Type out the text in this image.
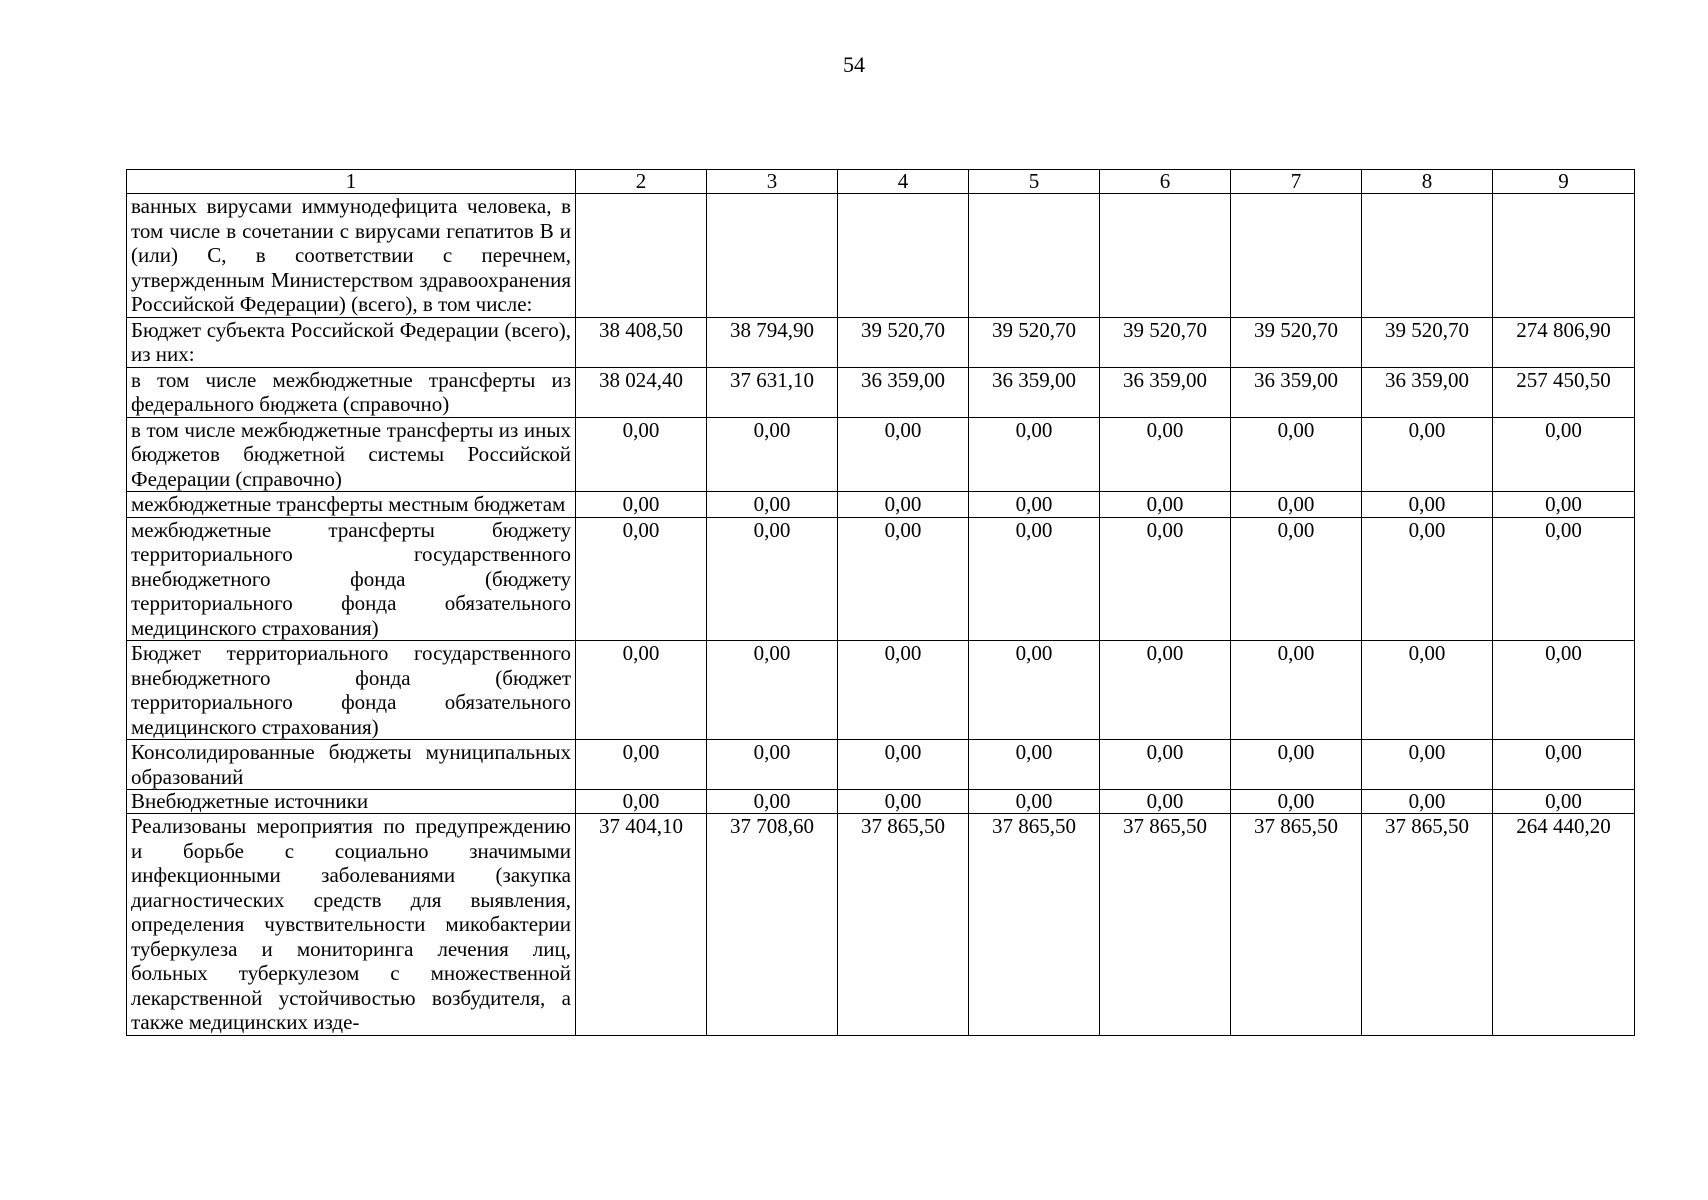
54
1	2	3	4	5	6	7	8	9
ванных вирусами иммунодефицита человека, в том числе в сочетании с вирусами гепатитов B и (или) C, в соответствии с перечнем, утвержденным Министерством здравоохранения Российской Федерации) (всего), в том числе:								
Бюджет субъекта Российской Федерации (всего), из них:	38 408,50	38 794,90	39 520,70	39 520,70	39 520,70	39 520,70	39 520,70	274 806,90
в том числе межбюджетные трансферты из федерального бюджета (справочно)	38 024,40	37 631,10	36 359,00	36 359,00	36 359,00	36 359,00	36 359,00	257 450,50
в том числе межбюджетные трансферты из иных бюджетов бюджетной системы Российской Федерации (справочно)	0,00	0,00	0,00	0,00	0,00	0,00	0,00	0,00
межбюджетные трансферты местным бюджетам	0,00	0,00	0,00	0,00	0,00	0,00	0,00	0,00
межбюджетные трансферты бюджету территориального государственного внебюджетного фонда (бюджету территориального фонда обязательного медицинского страхования)	0,00	0,00	0,00	0,00	0,00	0,00	0,00	0,00
Бюджет территориального государственного внебюджетного фонда (бюджет территориального фонда обязательного медицинского страхования)	0,00	0,00	0,00	0,00	0,00	0,00	0,00	0,00
Консолидированные бюджеты муниципальных образований	0,00	0,00	0,00	0,00	0,00	0,00	0,00	0,00
Внебюджетные источники	0,00	0,00	0,00	0,00	0,00	0,00	0,00	0,00
Реализованы мероприятия по предупреждению и борьбе с социально значимыми инфекционными заболеваниями (закупка диагностических средств для выявления, определения чувствительности микобактерии туберкулеза и мониторинга лечения лиц, больных туберкулезом с множественной лекарственной устойчивостью возбудителя, а также медицинских изде-	37 404,10	37 708,60	37 865,50	37 865,50	37 865,50	37 865,50	37 865,50	264 440,20
